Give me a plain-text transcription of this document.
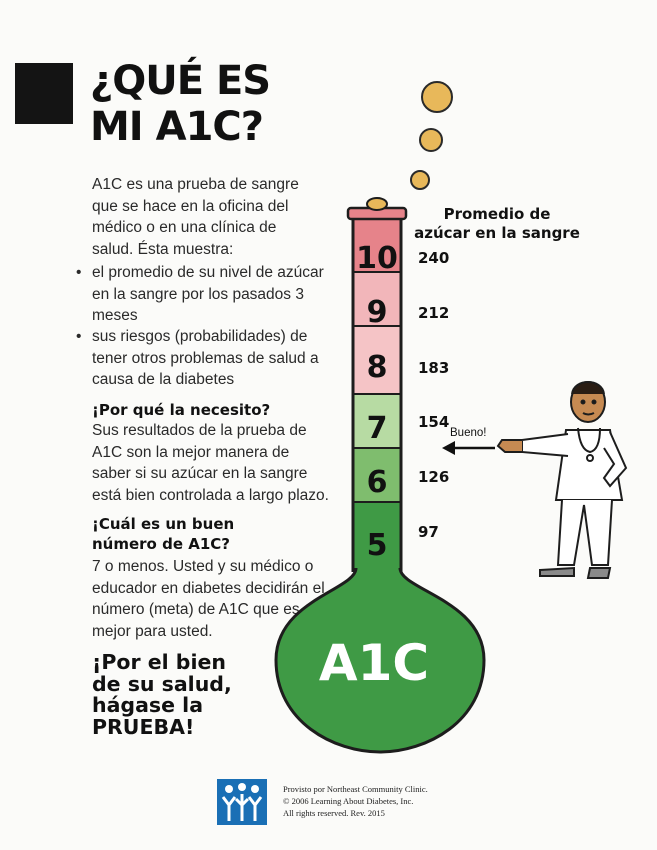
¿QUÉ ES
MI A1C?
A1C es una prueba de sangre que se hace en la oficina del médico o en una clínica de salud. Ésta muestra:
• el promedio de su nivel de azúcar en la sangre por los pasados 3 meses
• sus riesgos (probabilidades) de tener otros problemas de salud a causa de la diabetes
¡Por qué la necesito?
Sus resultados de la prueba de A1C son la mejor manera de saber si su azúcar en la sangre está bien controlada a largo plazo.
¡Cuál es un buen
número de A1C?
7 o menos. Usted y su médico o educador en diabetes decidirán el número (meta) de A1C que es mejor para usted.
¡Por el bien
de su salud,
hágase la
PRUEBA!
10
9
8
7
6
5
A1C
Promedio de
azúcar en la sangre
240
212
183
154
126
97
Bueno!
Provisto por Northeast Community Clinic.
© 2006 Learning About Diabetes, Inc.
All rights reserved. Rev. 2015
